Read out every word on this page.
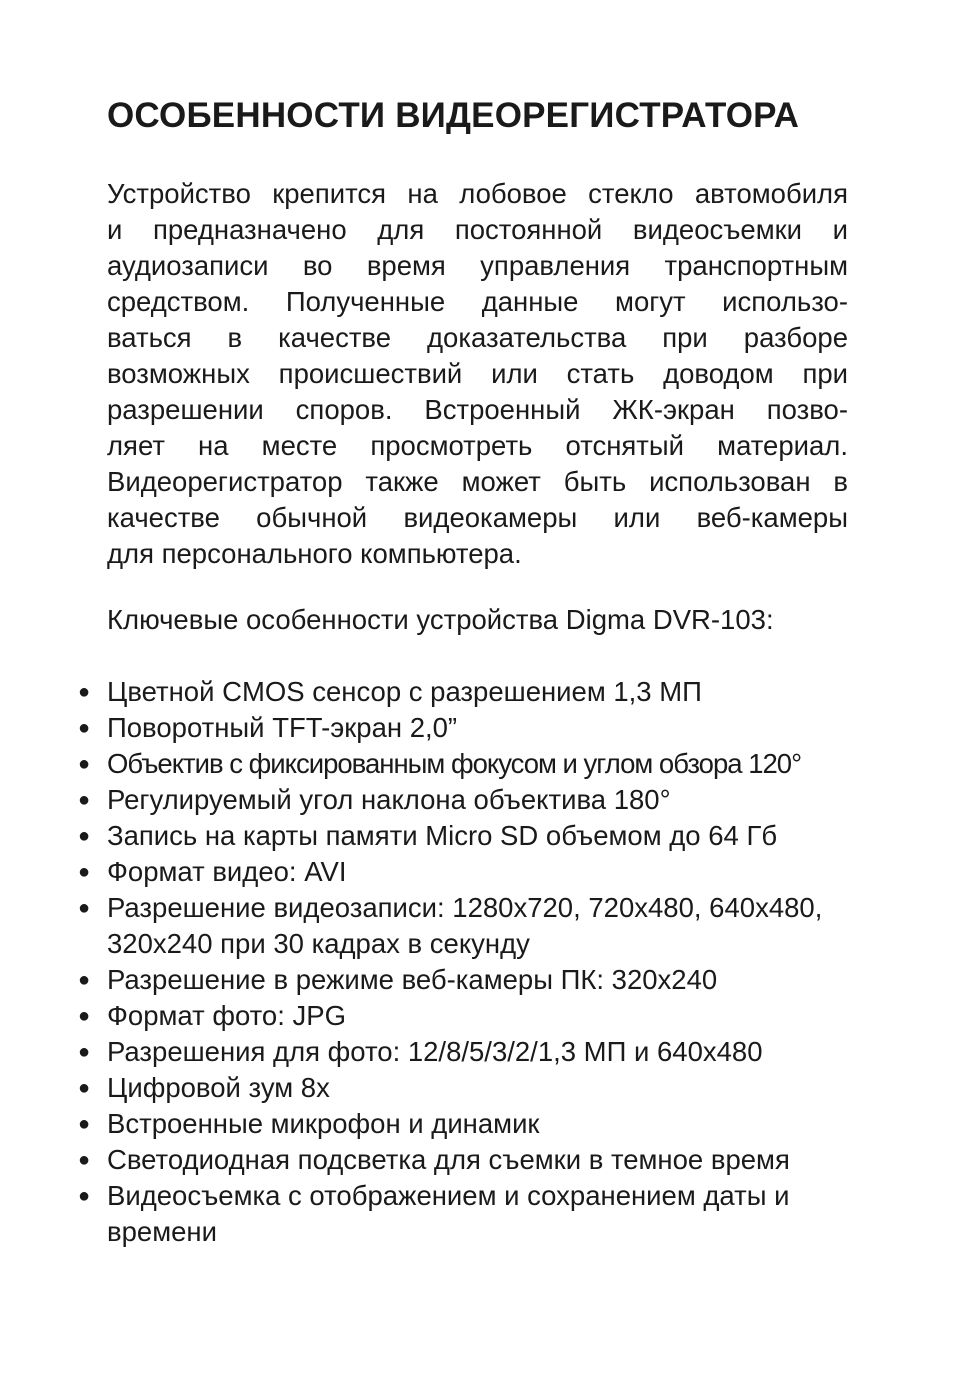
ОСОБЕННОСТИ ВИДЕОРЕГИСТРАТОРА
Устройство крепится на лобовое стекло автомобиля
и предназначено для постоянной видеосъемки и
аудиозаписи во время управления транспортным
средством. Полученные данные могут использо-
ваться в качестве доказательства при разборе
возможных происшествий или стать доводом при
разрешении споров. Встроенный ЖК-экран позво-
ляет на месте просмотреть отснятый материал.
Видеорегистратор также может быть использован в
качестве обычной видеокамеры или веб-камеры
для персонального компьютера.
Ключевые особенности устройства Digma DVR-103:
● Цветной CMOS сенсор с разрешением 1,3 МП
● Поворотный TFT-экран 2,0”
● Объектив с фиксированным фокусом и углом обзора 120°
● Регулируемый угол наклона объектива 180°
● Запись на карты памяти Micro SD объемом до 64 Гб
● Формат видео: AVI
● Разрешение видеозаписи: 1280x720, 720x480, 640x480, 320x240 при 30 кадрах в секунду
● Разрешение в режиме веб-камеры ПК: 320x240
● Формат фото: JPG
● Разрешения для фото: 12/8/5/3/2/1,3 МП и 640x480
● Цифровой зум 8x
● Встроенные микрофон и динамик
● Светодиодная подсветка для съемки в темное время
● Видеосъемка с отображением и сохранением даты и времени
